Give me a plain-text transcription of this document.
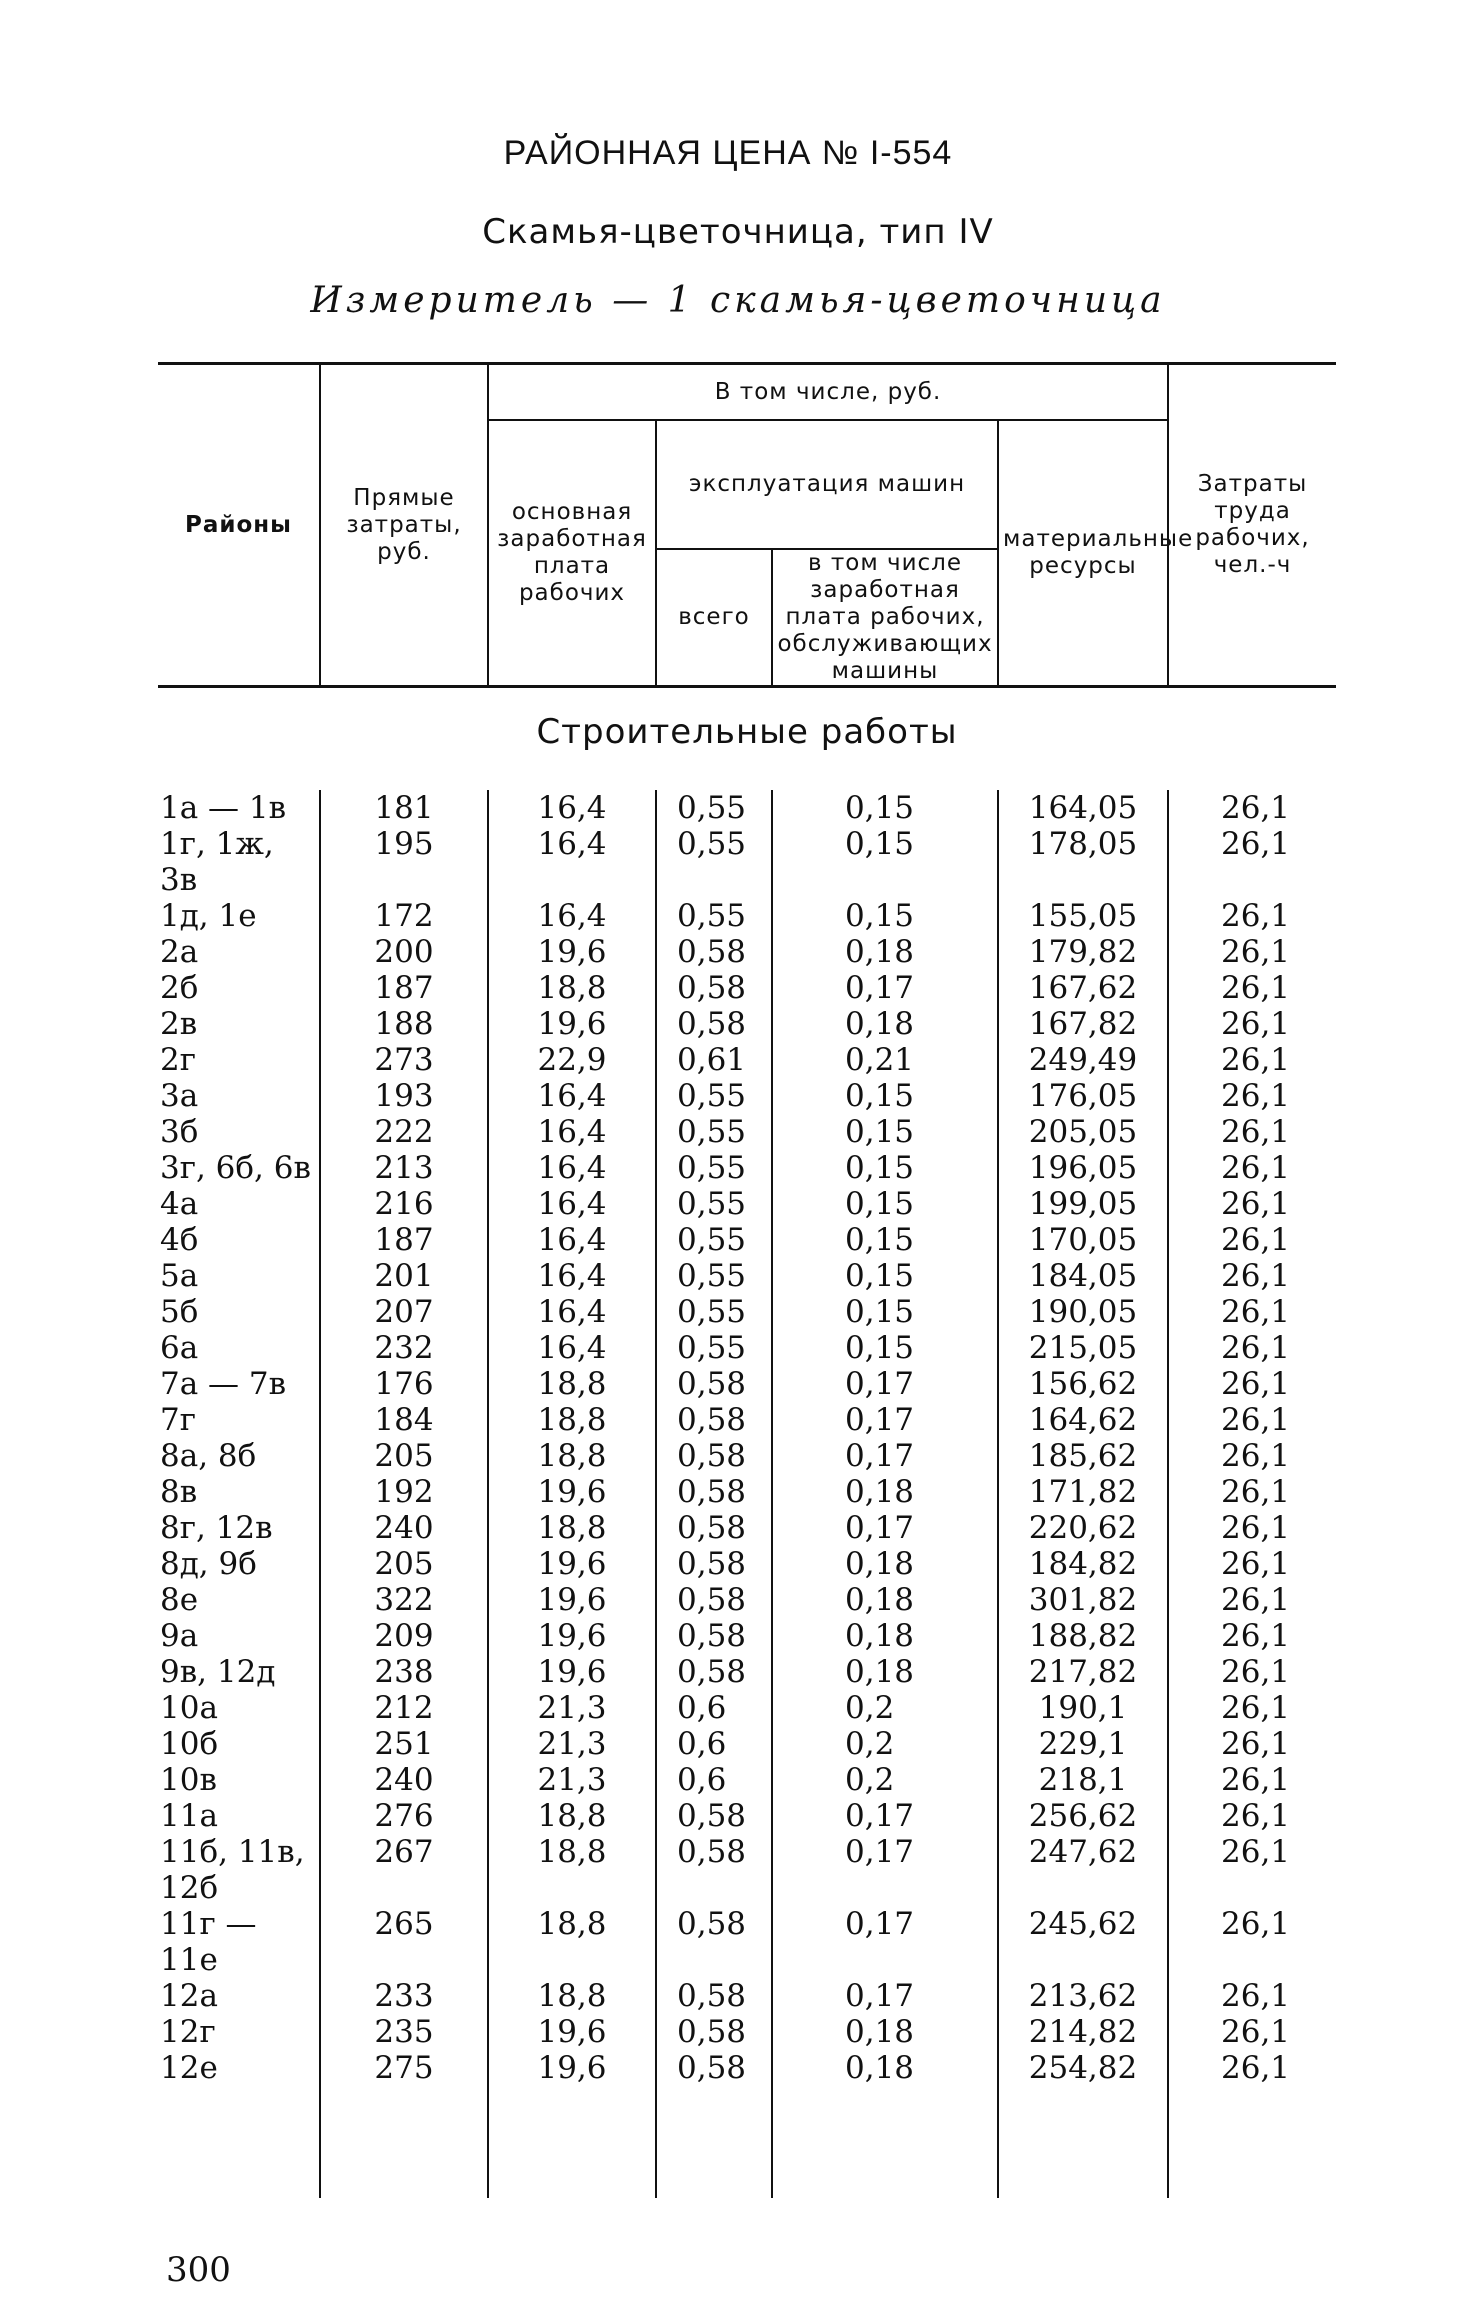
РАЙОННАЯ ЦЕНА № I-554
Скамья-цветочница, тип IV
Измеритель — 1 скамья-цветочница
Районы	Прямые затраты, руб.	В том числе, руб.				Затраты труда рабочих, чел.-ч
		основная заработная плата рабочих	эксплуатация машин		материальные ресурсы	
			всего	в том числе заработная плата рабочих, обслуживающих машины		
Строительные работы						
1а — 1в	181	16,4	0,55	0,15	164,05	26,1
1г, 1ж, 3в	195	16,4	0,55	0,15	178,05	26,1
1д, 1е	172	16,4	0,55	0,15	155,05	26,1
2а	200	19,6	0,58	0,18	179,82	26,1
2б	187	18,8	0,58	0,17	167,62	26,1
2в	188	19,6	0,58	0,18	167,82	26,1
2г	273	22,9	0,61	0,21	249,49	26,1
3а	193	16,4	0,55	0,15	176,05	26,1
3б	222	16,4	0,55	0,15	205,05	26,1
3г, 6б, 6в	213	16,4	0,55	0,15	196,05	26,1
4а	216	16,4	0,55	0,15	199,05	26,1
4б	187	16,4	0,55	0,15	170,05	26,1
5а	201	16,4	0,55	0,15	184,05	26,1
5б	207	16,4	0,55	0,15	190,05	26,1
6а	232	16,4	0,55	0,15	215,05	26,1
7а — 7в	176	18,8	0,58	0,17	156,62	26,1
7г	184	18,8	0,58	0,17	164,62	26,1
8а, 8б	205	18,8	0,58	0,17	185,62	26,1
8в	192	19,6	0,58	0,18	171,82	26,1
8г, 12в	240	18,8	0,58	0,17	220,62	26,1
8д, 9б	205	19,6	0,58	0,18	184,82	26,1
8е	322	19,6	0,58	0,18	301,82	26,1
9а	209	19,6	0,58	0,18	188,82	26,1
9в, 12д	238	19,6	0,58	0,18	217,82	26,1
10а	212	21,3	0,6	0,2	190,1	26,1
10б	251	21,3	0,6	0,2	229,1	26,1
10в	240	21,3	0,6	0,2	218,1	26,1
11а	276	18,8	0,58	0,17	256,62	26,1
11б, 11в, 12б	267	18,8	0,58	0,17	247,62	26,1
11г — 11е	265	18,8	0,58	0,17	245,62	26,1
12а	233	18,8	0,58	0,17	213,62	26,1
12г	235	19,6	0,58	0,18	214,82	26,1
12е	275	19,6	0,58	0,18	254,82	26,1

300
